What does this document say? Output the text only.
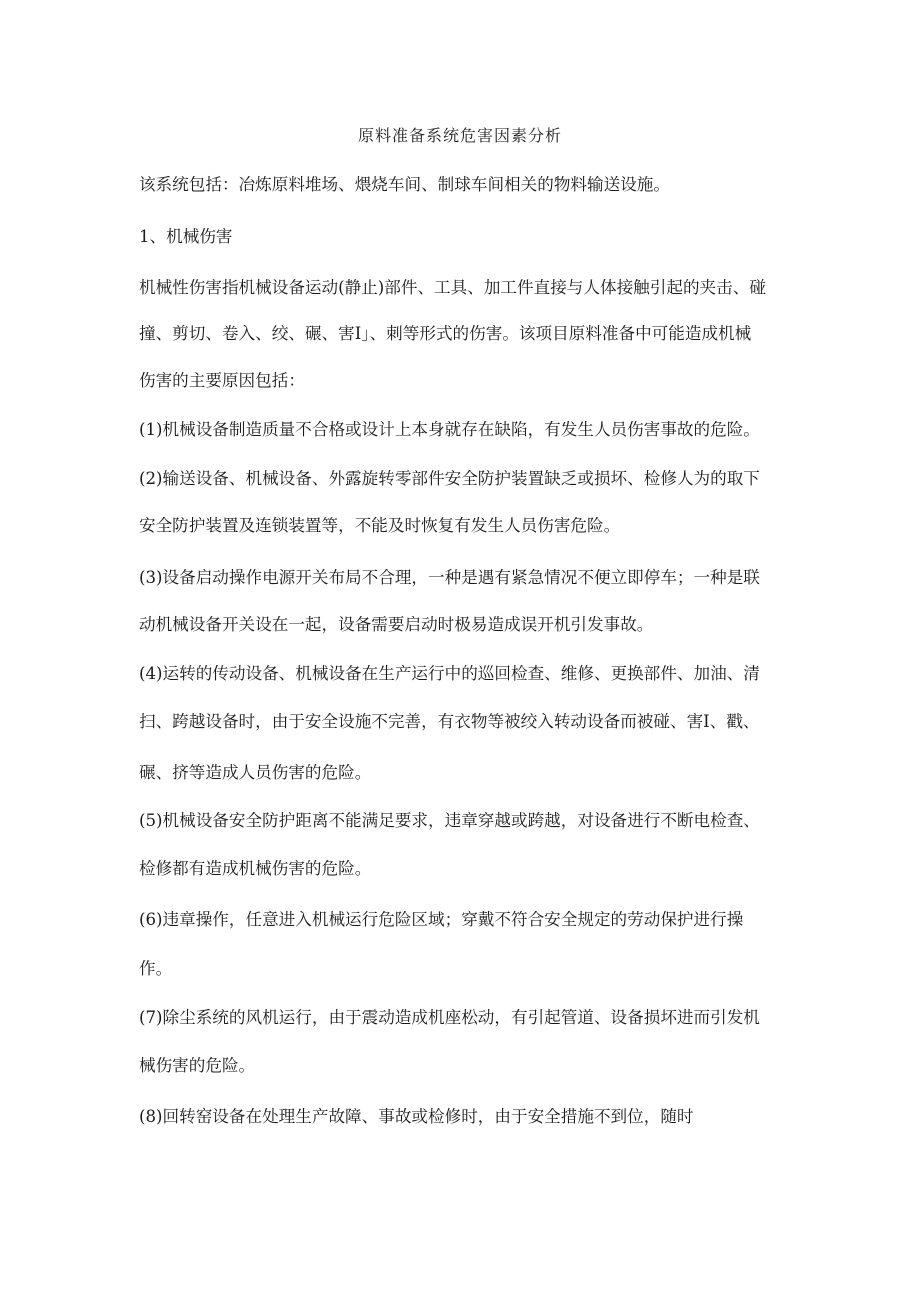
原料准备系统危害因素分析
该系统包括：冶炼原料堆场、煨烧车间、制球车间相关的物料输送设施。
1、机械伤害
机械性伤害指机械设备运动(静止)部件、工具、加工件直接与人体接触引起的夹击、碰
撞、剪切、卷入、绞、碾、害I」、刺等形式的伤害。该项目原料准备中可能造成机械
伤害的主要原因包括：
(1)机械设备制造质量不合格或设计上本身就存在缺陷，有发生人员伤害事故的危险。
(2)输送设备、机械设备、外露旋转零部件安全防护装置缺乏或损坏、检修人为的取下
安全防护装置及连锁装置等，不能及时恢复有发生人员伤害危险。
(3)设备启动操作电源开关布局不合理，一种是遇有紧急情况不便立即停车；一种是联
动机械设备开关设在一起，设备需要启动时极易造成误开机引发事故。
(4)运转的传动设备、机械设备在生产运行中的巡回检查、维修、更换部件、加油、清
扫、跨越设备时，由于安全设施不完善，有衣物等被绞入转动设备而被碰、害I、戳、
碾、挤等造成人员伤害的危险。
(5)机械设备安全防护距离不能满足要求，违章穿越或跨越，对设备进行不断电检查、
检修都有造成机械伤害的危险。
(6)违章操作，任意进入机械运行危险区域；穿戴不符合安全规定的劳动保护进行操
作。
(7)除尘系统的风机运行，由于震动造成机座松动，有引起管道、设备损坏进而引发机
械伤害的危险。
(8)回转窑设备在处理生产故障、事故或检修时，由于安全措施不到位，随时
